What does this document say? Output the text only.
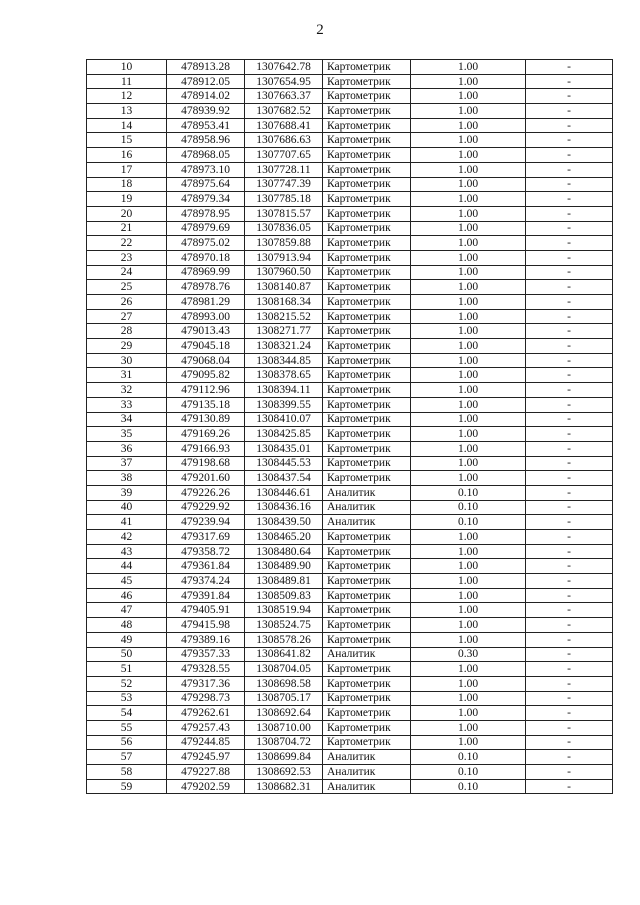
2
10	478913.28	1307642.78	Картометрик	1.00	-
11	478912.05	1307654.95	Картометрик	1.00	-
12	478914.02	1307663.37	Картометрик	1.00	-
13	478939.92	1307682.52	Картометрик	1.00	-
14	478953.41	1307688.41	Картометрик	1.00	-
15	478958.96	1307686.63	Картометрик	1.00	-
16	478968.05	1307707.65	Картометрик	1.00	-
17	478973.10	1307728.11	Картометрик	1.00	-
18	478975.64	1307747.39	Картометрик	1.00	-
19	478979.34	1307785.18	Картометрик	1.00	-
20	478978.95	1307815.57	Картометрик	1.00	-
21	478979.69	1307836.05	Картометрик	1.00	-
22	478975.02	1307859.88	Картометрик	1.00	-
23	478970.18	1307913.94	Картометрик	1.00	-
24	478969.99	1307960.50	Картометрик	1.00	-
25	478978.76	1308140.87	Картометрик	1.00	-
26	478981.29	1308168.34	Картометрик	1.00	-
27	478993.00	1308215.52	Картометрик	1.00	-
28	479013.43	1308271.77	Картометрик	1.00	-
29	479045.18	1308321.24	Картометрик	1.00	-
30	479068.04	1308344.85	Картометрик	1.00	-
31	479095.82	1308378.65	Картометрик	1.00	-
32	479112.96	1308394.11	Картометрик	1.00	-
33	479135.18	1308399.55	Картометрик	1.00	-
34	479130.89	1308410.07	Картометрик	1.00	-
35	479169.26	1308425.85	Картометрик	1.00	-
36	479166.93	1308435.01	Картометрик	1.00	-
37	479198.68	1308445.53	Картометрик	1.00	-
38	479201.60	1308437.54	Картометрик	1.00	-
39	479226.26	1308446.61	Аналитик	0.10	-
40	479229.92	1308436.16	Аналитик	0.10	-
41	479239.94	1308439.50	Аналитик	0.10	-
42	479317.69	1308465.20	Картометрик	1.00	-
43	479358.72	1308480.64	Картометрик	1.00	-
44	479361.84	1308489.90	Картометрик	1.00	-
45	479374.24	1308489.81	Картометрик	1.00	-
46	479391.84	1308509.83	Картометрик	1.00	-
47	479405.91	1308519.94	Картометрик	1.00	-
48	479415.98	1308524.75	Картометрик	1.00	-
49	479389.16	1308578.26	Картометрик	1.00	-
50	479357.33	1308641.82	Аналитик	0.30	-
51	479328.55	1308704.05	Картометрик	1.00	-
52	479317.36	1308698.58	Картометрик	1.00	-
53	479298.73	1308705.17	Картометрик	1.00	-
54	479262.61	1308692.64	Картометрик	1.00	-
55	479257.43	1308710.00	Картометрик	1.00	-
56	479244.85	1308704.72	Картометрик	1.00	-
57	479245.97	1308699.84	Аналитик	0.10	-
58	479227.88	1308692.53	Аналитик	0.10	-
59	479202.59	1308682.31	Аналитик	0.10	-
